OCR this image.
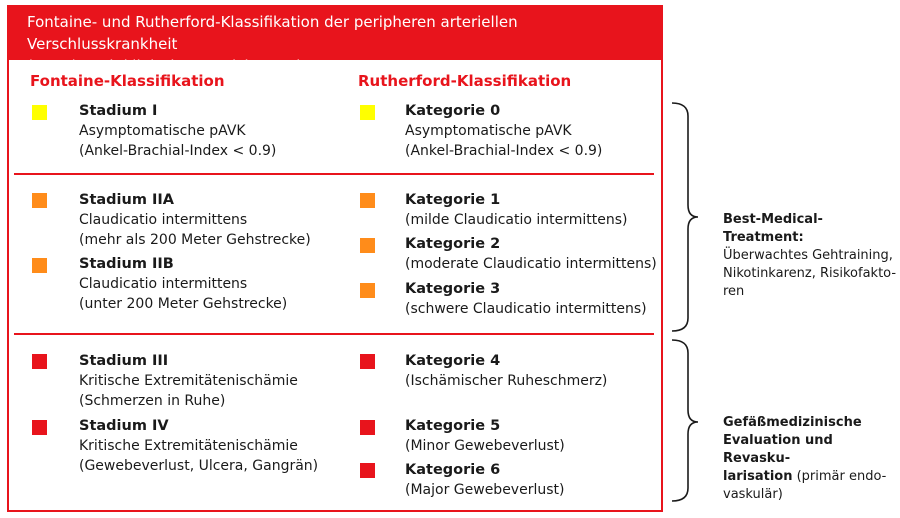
Fontaine- und Rutherford-Klassifikation der peripheren arteriellen Verschlusskrankheit
(pAVK) nach klinischen Gesichtspunkten
Fontaine-Klassifikation	Rutherford-Klassifikation
Stadium I
Asymptomatische pAVK
(Ankel-Brachial-Index < 0.9)
Stadium IIA
Claudicatio intermittens
(mehr als 200 Meter Gehstrecke)
Stadium IIB
Claudicatio intermittens
(unter 200 Meter Gehstrecke)
Stadium III
Kritische Extremitätenischämie
(Schmerzen in Ruhe)
Stadium IV
Kritische Extremitätenischämie
(Gewebeverlust, Ulcera, Gangrän)
Kategorie 0
Asymptomatische pAVK
(Ankel-Brachial-Index < 0.9)
Kategorie 1
(milde Claudicatio intermittens)
Kategorie 2
(moderate Claudicatio intermittens)
Kategorie 3
(schwere Claudicatio intermittens)
Kategorie 4
(Ischämischer Ruheschmerz)
Kategorie 5
(Minor Gewebeverlust)
Kategorie 6
(Major Gewebeverlust)
Best-Medical-Treatment:
Überwachtes Gehtraining,
Nikotinkarenz, Risikofakto-
ren
Gefäßmedizinische
Evaluation und Revasku-
larisation (primär endo-
vaskulär)
